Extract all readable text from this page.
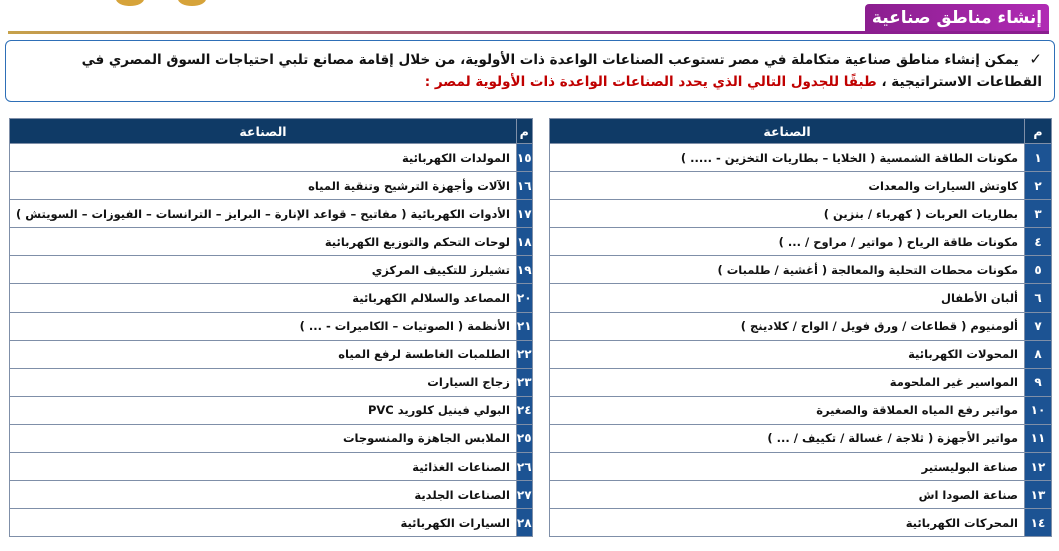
إنشاء مناطق صناعية
✓ يمكن إنشاء مناطق صناعية متكاملة في مصر تستوعب الصناعات الواعدة ذات الأولوية، من خلال إقامة مصانع تلبي احتياجات السوق المصري في القطاعات الاستراتيجية ، طبقًا للجدول التالي الذي يحدد الصناعات الواعدة ذات الأولوية لمصر :
م	الصناعة
١	مكونات الطاقة الشمسية ( الخلايا – بطاريات التخزين - ..... )
٢	كاوتش السيارات والمعدات
٣	بطاريات العربات ( كهرباء / بنزين )
٤	مكونات طاقة الرياح ( مواتير / مراوح / ... )
٥	مكونات محطات التحلية والمعالجة ( أغشية / طلمبات )
٦	ألبان الأطفال
٧	ألومنيوم ( قطاعات / ورق فويل / الواح / كلادينج )
٨	المحولات الكهربائية
٩	المواسير غير الملحومة
١٠	مواتير رفع المياه العملاقة والصغيرة
١١	مواتير الأجهزة ( ثلاجة / غسالة / تكييف / ... )
١٢	صناعة البوليستير
١٣	صناعة الصودا اش
١٤	المحركات الكهربائية
م	الصناعة
١٥	المولدات الكهربائية
١٦	الآلات وأجهزة الترشيح وتنقية المياه
١٧	الأدوات الكهربائية ( مفاتيح – قواعد الإنارة – البرايز – الترانسات – الفيوزات – السويتش )
١٨	لوحات التحكم والتوزيع الكهربائية
١٩	تشيلرز للتكييف المركزي
٢٠	المصاعد والسلالم الكهربائية
٢١	الأنظمة ( الصوتيات – الكاميرات - ... )
٢٢	الطلمبات الغاطسة لرفع المياه
٢٣	زجاج السيارات
٢٤	البولي فينيل كلوريد PVC
٢٥	الملابس الجاهزة والمنسوجات
٢٦	الصناعات الغذائية
٢٧	الصناعات الجلدية
٢٨	السيارات الكهربائية
